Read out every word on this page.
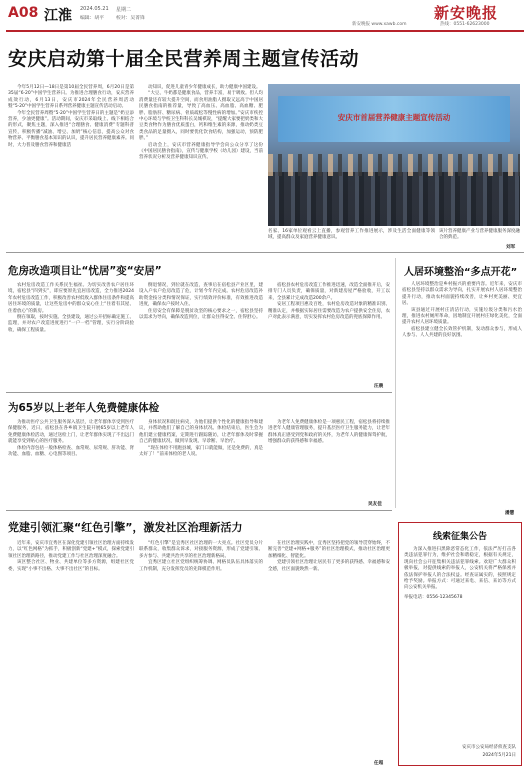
A08 江淮 2024.05.21 星期二
编辑：胡平	校对：吴菁锋	新安晚报
新安晚报 www.xawb.com	热线：0551-62623000
安庆启动第十届全民营养周主题宣传活动

今年5月12日—18日是第10届全民营养周，6月20日是第35届“6·20”中国学生营养日。为推进合理膳食行动，安庆营养成效行动，6月13日，安庆市2024年全民营养周活动暨“5·20”中国学生营养日系列营养健康主题宣传活动启动。

今年全民营养周暨“5·20”中国学生营养日的主题是“奶豆添营养，少油更健康”。活动期间，安庆市采取线上、线下相结合的形式，聚焦主题，深入推进“合理膳食、健康消费”专题科普宣传，积极传播“减油、增豆、加奶”核心信息，提高公众对食物营养、平衡膳食基本知识的认识，提升居民营养健康素养。同时，大力普及膳食营养和健康活

动知识，促进儿童青少年健康成长，助力健康中国建设。

“大豆、牛奶都是健康食品，营养丰富，易于吸收。但人均消费量还有较大提升空间，而食用油脂人摄取又远高于中国居民膳食指南的推荐量，导致了高血压、高血脂、高血糖、肥胖、脂肪肝、糖尿病、骨质疏松等慢性病的增加。”安庆市疾控中心环境与学校卫生科科长吴城祺说，“提醒大家要把奶类和大豆类食物作为膳食优质蛋白，钙和维生素的来源，推动奶类豆类食品的足量摄入，同时要优化饮食结构，加强运动，预防肥胖。”

启动会上，安庆市营养健康指导学会向公众分享了这份《中国居民膳食指南》，宣传与健康学校（幼儿园）建设，当前营养状况分析及营养健康知识宣传。

安庆市首届营养健康主题宣传活动

名家、16家单位观看云上直播，参观营养工作推进展示，涉及生活全面健康等领域，提高群众及家庭营养健康意识。

该片营养健康产业与营养健康服务深度融合的典范。

刘军
危房改造项目让“忧居”变“安居”

农村危房改造工作关系民生福祉。为切实改善农户居住环境，宿松县“四到实”，即应要原先宜居房改造，全力推进2024年农村危房改造工作，积极改善农村低收入群体住房条件和提高居住环境的质量，让这些危房中的群众安心住上“住着有其屋、住着放心”的新房。

倒在领取，按时实施。全县建设，通过公开招标确定施工、监理，并对农户改造进度进行“一户一档”管理，实行分阶段验收，确保工程质量。

倒退情况，到位就在改造，查事后在宿松县产业区里，建设入户农户危房改造了危，计划今年内完成。农村危房改造补助资金按分类和情况保证，实行绩效评价标准，有效推进改造进度，确保农户按时入住。

住房安全有保障是脱贫攻坚的核心要求之一，宿松县坚持以需求为导向，确保改造到位，让群众住得安全、住得舒心。

宿松县农村危房改造工作推进迅速，改造全面推开后，安排专门人员负责，确保质量，对新建房屋严格验收，开工以来，全县累计完成改造200余户。

安居工程项目惠及百姓，农村危房改造对象的精准识别、精准认定，并根据实际居住需要改造为农户提供安全住房，农户对此表示满意，切实发挥农村危房改造的兜底保障作用。

汪晨
为65岁以上老年人免费健康体检

为推动医疗公共卫生服务深入基层，让老年群体享受到医疗保健服务，近日，宿松县在各乡镇卫生院开展65岁以上老年人免费健康体检活动，通过送检上门，让老年群体实现了不出远门就能享受到贴心的医疗服务。

体检内容包括一般体格检查、血常规、尿常规、肝功能、肾功能、血脂、血糖、心电图等项目。

身体状况和既往病史，为他们提供个性化的健康指导和建议，并帮助他们了解自己的身体状况。体检结束后，医生会为他们建立健康档案，定期进行跟踪随访，让老年群体及时掌握自己的健康状况，做到早发现、早诊断、早治疗。

“现在体检不用跑县城，家门口就能做，还是免费的，真是太好了！”前来体检的老人说。

为老年人免费健康体检是一项惠民工程，宿松县将持续推进老年人健康管理服务，提升基层医疗卫生服务能力，让老年群体真正感受到党和政府的关怀，为老年人的健康保驾护航，增强群众的获得感和幸福感。

吴友佳
党建引领汇聚“红色引擎”，激发社区治理新活力

近年来，安庆市宜秀区在深化党建引领社区治理方面持续发力，以“红色网格”为抓手，积极创新“党建+”模式，探索党建引领社区治理新路径，推动党建工作与社区治理深度融合。

该区整合社区、物业、共建单位等多方资源，组建社区党委，实现“小事不出格、大事不出社区”的目标。

“红色引擎”是宜秀区社区治理的一大亮点。社区党员分片联系群众，收集群众诉求，对接服务资源，形成了党建引领、多方参与、共建共治共享的社区治理新格局。

宜秀区建立社区党组织统筹协调、网格员队伍具体落实的工作机制，充分发挥党员的先锋模范作用。

在社区治理实践中，宜秀区坚持把党的领导贯穿始终，不断完善“党建+网格+服务”的社区治理模式，推动社区治理更加精细化、智能化。

党建引领社区治理让居民有了更多的获得感、幸福感和安全感，社区面貌焕然一新。

任超
人居环境整治“多点开花”

人居环境整治是乡村振兴的重要内容。近年来，安庆市宿松县坚持以群众需求为导向，扎实开展农村人居环境整治提升行动，推动农村面貌持续改善，让乡村更美丽、更宜居。

该县通过开展村庄清洁行动，实施垃圾分类和污水治理，推进农村厕所革命，因地制宜开展村庄绿化美化，全面提升农村人居环境质量。

宿松县建立健全长效管护机制，发动群众参与，形成人人参与、人人共建的良好氛围。

潘慧
线索征集公告

为深入推进扫黑除恶常态化工作，依法严厉打击各类违法犯罪行为，维护社会和谐稳定，根据有关规定，现向社会公开征集相关违法犯罪线索。欢迎广大群众积极举报，对提供线索的举报人，公安机关将严格保密并依法保护举报人的合法权益。经查证属实的，按照规定给予奖励。举报方式：可通过来电、来信、来访等方式向公安机关举报。

举报电话：0556-12345678

安庆市公安局经济侦查支队
2024年5月21日
